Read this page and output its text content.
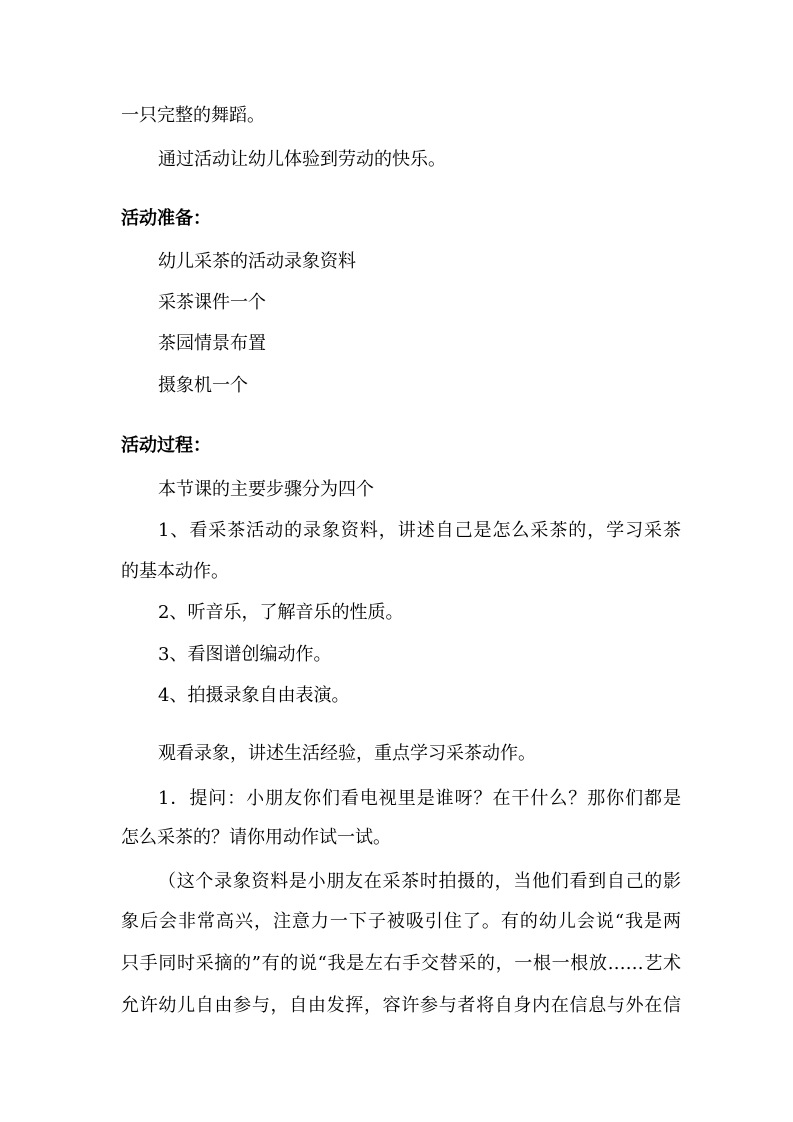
一只完整的舞蹈。
通过活动让幼儿体验到劳动的快乐。
活动准备：
幼儿采茶的活动录象资料
采茶课件一个
茶园情景布置
摄象机一个
活动过程：
本节课的主要步骤分为四个
1、看采茶活动的录象资料，讲述自己是怎么采茶的，学习采茶
的基本动作。
2、听音乐，了解音乐的性质。
3、看图谱创编动作。
4、拍摄录象自由表演。
观看录象，讲述生活经验，重点学习采茶动作。
1．提问：小朋友你们看电视里是谁呀？在干什么？那你们都是
怎么采茶的？请你用动作试一试。
（这个录象资料是小朋友在采茶时拍摄的，当他们看到自己的影
象后会非常高兴，注意力一下子被吸引住了。有的幼儿会说“我是两
只手同时采摘的”有的说“我是左右手交替采的，一根一根放……艺术
允许幼儿自由参与，自由发挥，容许参与者将自身内在信息与外在信
